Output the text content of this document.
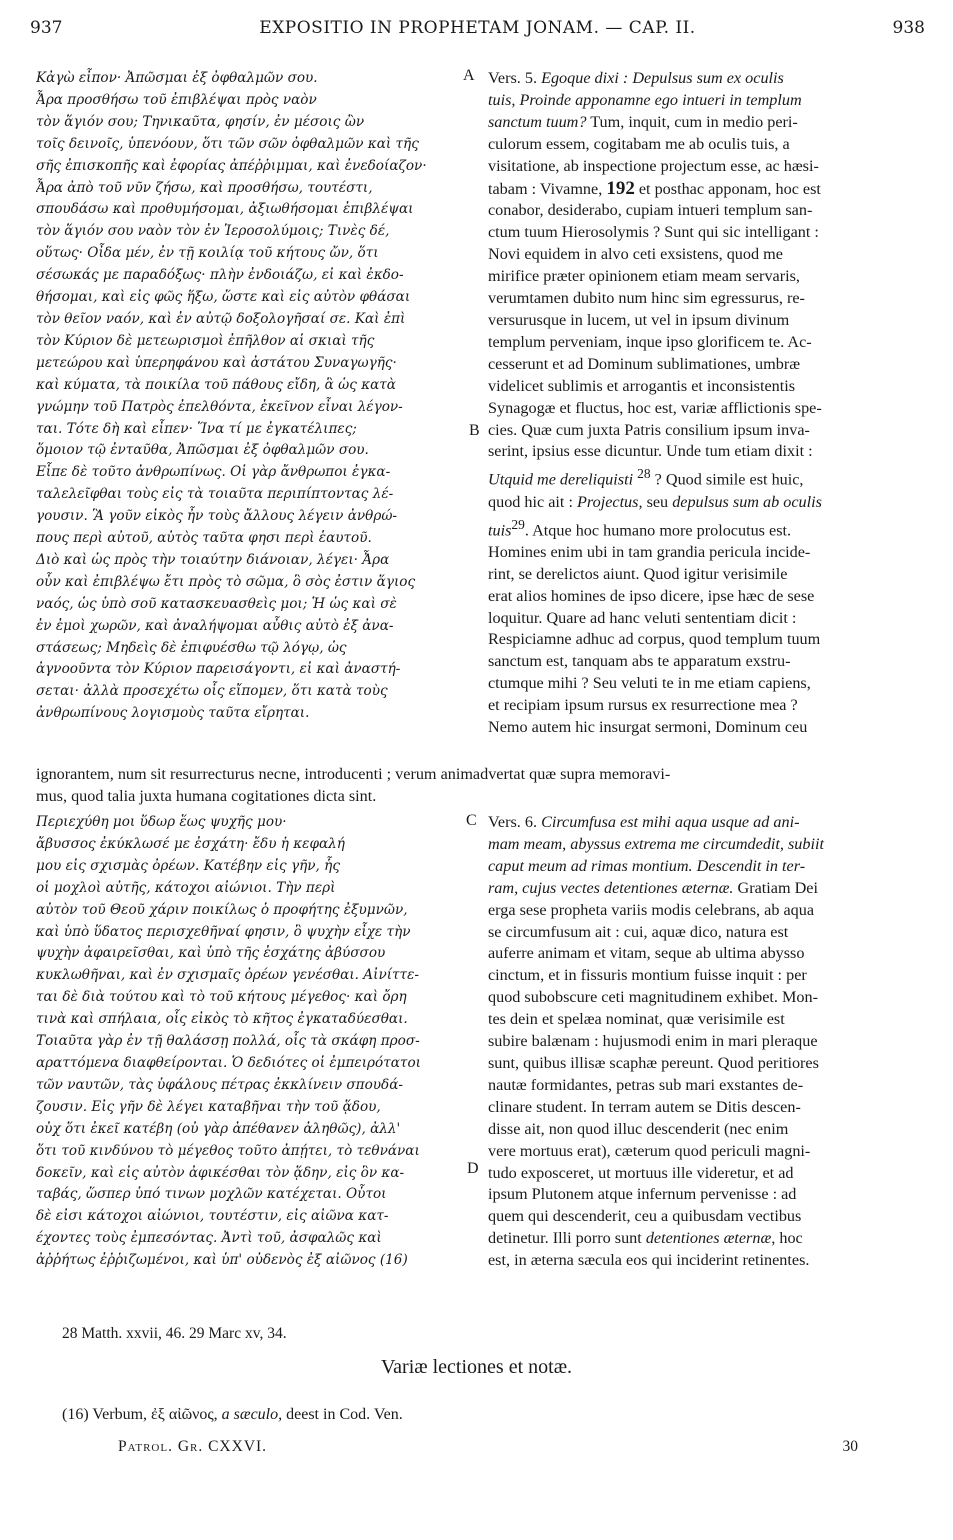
937	EXPOSITIO IN PROPHETAM JONAM. — CAP. II.	938
A
B
C
D
Κἀγὼ εἶπον· Ἀπῶσμαι ἐξ ὀφθαλμῶν σου.
Ἆρα προσθήσω τοῦ ἐπιβλέψαι πρὸς ναὸν
τὸν ἅγιόν σου; Τηνικαῦτα, φησίν, ἐν μέσοις ὢν
τοῖς δεινοῖς, ὑπενόουν, ὅτι τῶν σῶν ὀφθαλμῶν καὶ τῆς
σῆς ἐπισκοπῆς καὶ ἐφορίας ἀπέῤῥιμμαι, καὶ ἐνεδοίαζον·
Ἆρα ἀπὸ τοῦ νῦν ζήσω, καὶ προσθήσω, τουτέστι,
σπουδάσω καὶ προθυμήσομαι, ἀξιωθήσομαι ἐπιβλέψαι
τὸν ἅγιόν σου ναὸν τὸν ἐν Ἱεροσολύμοις; Τινὲς δέ,
οὕτως· Οἶδα μέν, ἐν τῇ κοιλίᾳ τοῦ κήτους ὤν, ὅτι
σέσωκάς με παραδόξως· πλὴν ἐνδοιάζω, εἰ καὶ ἐκδο-
θήσομαι, καὶ εἰς φῶς ἥξω, ὥστε καὶ εἰς αὐτὸν φθάσαι
τὸν θεῖον ναόν, καὶ ἐν αὐτῷ δοξολογῆσαί σε. Καὶ ἐπὶ
τὸν Κύριον δὲ μετεωρισμοὶ ἐπῆλθον αἱ σκιαὶ τῆς
μετεώρου καὶ ὑπερηφάνου καὶ ἀστάτου Συναγωγῆς·
καὶ κύματα, τὰ ποικίλα τοῦ πάθους εἴδη, ἃ ὡς κατὰ
γνώμην τοῦ Πατρὸς ἐπελθόντα, ἐκεῖνον εἶναι λέγον-
ται. Τότε δὴ καὶ εἶπεν· Ἵνα τί με ἐγκατέλιπες;
ὅμοιον τῷ ἐνταῦθα, Ἀπῶσμαι ἐξ ὀφθαλμῶν σου.
Εἶπε δὲ τοῦτο ἀνθρωπίνως. Οἱ γὰρ ἄνθρωποι ἐγκα-
ταλελεῖφθαι τοὺς εἰς τὰ τοιαῦτα περιπίπτοντας λέ-
γουσιν. Ἃ γοῦν εἰκὸς ἦν τοὺς ἄλλους λέγειν ἀνθρώ-
πους περὶ αὐτοῦ, αὐτὸς ταῦτα φησι περὶ ἑαυτοῦ.
Διὸ καὶ ὡς πρὸς τὴν τοιαύτην διάνοιαν, λέγει· Ἆρα
οὖν καὶ ἐπιβλέψω ἔτι πρὸς τὸ σῶμα, ὃ σὸς ἐστιν ἅγιος
ναός, ὡς ὑπὸ σοῦ κατασκευασθεὶς μοι; Ἡ ὡς καὶ σὲ
ἐν ἐμοὶ χωρῶν, καὶ ἀναλήψομαι αὖθις αὐτὸ ἐξ ἀνα-
στάσεως; Μηδεὶς δὲ ἐπιφυέσθω τῷ λόγῳ, ὡς
ἀγνοοῦντα τὸν Κύριον παρεισάγοντι, εἰ καὶ ἀναστή-
σεται· ἀλλὰ προσεχέτω οἷς εἴπομεν, ὅτι κατὰ τοὺς
ἀνθρωπίνους λογισμοὺς ταῦτα εἴρηται.
Vers. 5. Egoque dixi : Depulsus sum ex oculis
tuis, Proinde apponamne ego intueri in templum
sanctum tuum? Tum, inquit, cum in medio peri-
culorum essem, cogitabam me ab oculis tuis, a
visitatione, ab inspectione projectum esse, ac hæsi-
tabam : Vivamne, 192 et posthac apponam, hoc est
conabor, desiderabo, cupiam intueri templum san-
ctum tuum Hierosolymis ? Sunt qui sic intelligant :
Novi equidem in alvo ceti exsistens, quod me
mirifice præter opinionem etiam meam servaris,
verumtamen dubito num hinc sim egressurus, re-
versurusque in lucem, ut vel in ipsum divinum
templum perveniam, inque ipso glorificem te. Ac-
cesserunt et ad Dominum sublimationes, umbræ
videlicet sublimis et arrogantis et inconsistentis
Synagogæ et fluctus, hoc est, variæ afflictionis spe-
cies. Quæ cum juxta Patris consilium ipsum inva-
serint, ipsius esse dicuntur. Unde tum etiam dixit :
Utquid me dereliquisti $^{28}$ ? Quod simile est huic,
quod hic ait : Projectus, seu depulsus sum ab oculis
tuis$^{29}$. Atque hoc humano more prolocutus est.
Homines enim ubi in tam grandia pericula incide-
rint, se derelictos aiunt. Quod igitur verisimile
erat alios homines de ipso dicere, ipse hæc de sese
loquitur. Quare ad hanc veluti sententiam dicit :
Respiciamne adhuc ad corpus, quod templum tuum
sanctum est, tanquam abs te apparatum exstru-
ctumque mihi ? Seu veluti te in me etiam capiens,
et recipiam ipsum rursus ex resurrectione mea ?
Nemo autem hic insurgat sermoni, Dominum ceu
ignorantem, num sit resurrecturus necne, introducenti ; verum animadvertat quæ supra memoravi-
mus, quod talia juxta humana cogitationes dicta sint.
Περιεχύθη μοι ὕδωρ ἕως ψυχῆς μου·
ἄβυσσος ἐκύκλωσέ με ἐσχάτη· ἔδυ ἡ κεφαλή
μου εἰς σχισμὰς ὀρέων. Κατέβην εἰς γῆν, ἧς
οἱ μοχλοὶ αὐτῆς, κάτοχοι αἰώνιοι. Τὴν περὶ
αὐτὸν τοῦ Θεοῦ χάριν ποικίλως ὁ προφήτης ἐξυμνῶν,
καὶ ὑπὸ ὕδατος περισχεθῆναί φησιν, ὃ ψυχὴν εἶχε τὴν
ψυχὴν ἀφαιρεῖσθαι, καὶ ὑπὸ τῆς ἐσχάτης ἀβύσσου
κυκλωθῆναι, καὶ ἐν σχισμαῖς ὀρέων γενέσθαι. Αἰνίττε-
ται δὲ διὰ τούτου καὶ τὸ τοῦ κήτους μέγεθος· καὶ ὄρη
τινὰ καὶ σπήλαια, οἷς εἰκὸς τὸ κῆτος ἐγκαταδύεσθαι.
Τοιαῦτα γὰρ ἐν τῇ θαλάσσῃ πολλά, οἷς τὰ σκάφη προσ-
αραττόμενα διαφθείρονται. Ὁ δεδιότες οἱ ἐμπειρότατοι
τῶν ναυτῶν, τὰς ὑφάλους πέτρας ἐκκλίνειν σπουδά-
ζουσιν. Εἰς γῆν δὲ λέγει καταβῆναι τὴν τοῦ ᾅδου,
οὐχ ὅτι ἐκεῖ κατέβη (οὐ γὰρ ἀπέθανεν ἀληθῶς), ἀλλ'
ὅτι τοῦ κινδύνου τὸ μέγεθος τοῦτο ἀπῄτει, τὸ τεθνάναι
δοκεῖν, καὶ εἰς αὐτὸν ἀφικέσθαι τὸν ᾅδην, εἰς ὃν κα-
ταβάς, ὥσπερ ὑπό τινων μοχλῶν κατέχεται. Οὗτοι
δὲ εἰσι κάτοχοι αἰώνιοι, τουτέστιν, εἰς αἰῶνα κατ-
έχοντες τοὺς ἐμπεσόντας. Ἀντὶ τοῦ, ἀσφαλῶς καὶ
ἀῤῥήτως ἐῤῥιζωμένοι, καὶ ὑπ' οὐδενὸς ἐξ αἰῶνος (16)
Vers. 6. Circumfusa est mihi aqua usque ad ani-
mam meam, abyssus extrema me circumdedit, subiit
caput meum ad rimas montium. Descendit in ter-
ram, cujus vectes detentiones æternæ. Gratiam Dei
erga sese propheta variis modis celebrans, ab aqua
se circumfusum ait : cui, aquæ dico, natura est
auferre animam et vitam, seque ab ultima abysso
cinctum, et in fissuris montium fuisse inquit : per
quod subobscure ceti magnitudinem exhibet. Mon-
tes dein et spelæa nominat, quæ verisimile est
subire balænam : hujusmodi enim in mari pleraque
sunt, quibus illisæ scaphæ pereunt. Quod peritiores
nautæ formidantes, petras sub mari exstantes de-
clinare student. In terram autem se Ditis descen-
disse ait, non quod illuc descenderit (nec enim
vere mortuus erat), cæterum quod periculi magni-
tudo exposceret, ut mortuus ille videretur, et ad
ipsum Plutonem atque infernum pervenisse : ad
quem qui descenderit, ceu a quibusdam vectibus
detinetur. Illi porro sunt detentiones æternæ, hoc
est, in æterna sæcula eos qui inciderint retinentes.
28 Matth. xxvii, 46. 29 Marc xv, 34.
Variæ lectiones et notæ.
(16) Verbum, ἐξ αἰῶνος, a sæculo, deest in Cod. Ven.
Patrol. Gr. CXXVI.	30
